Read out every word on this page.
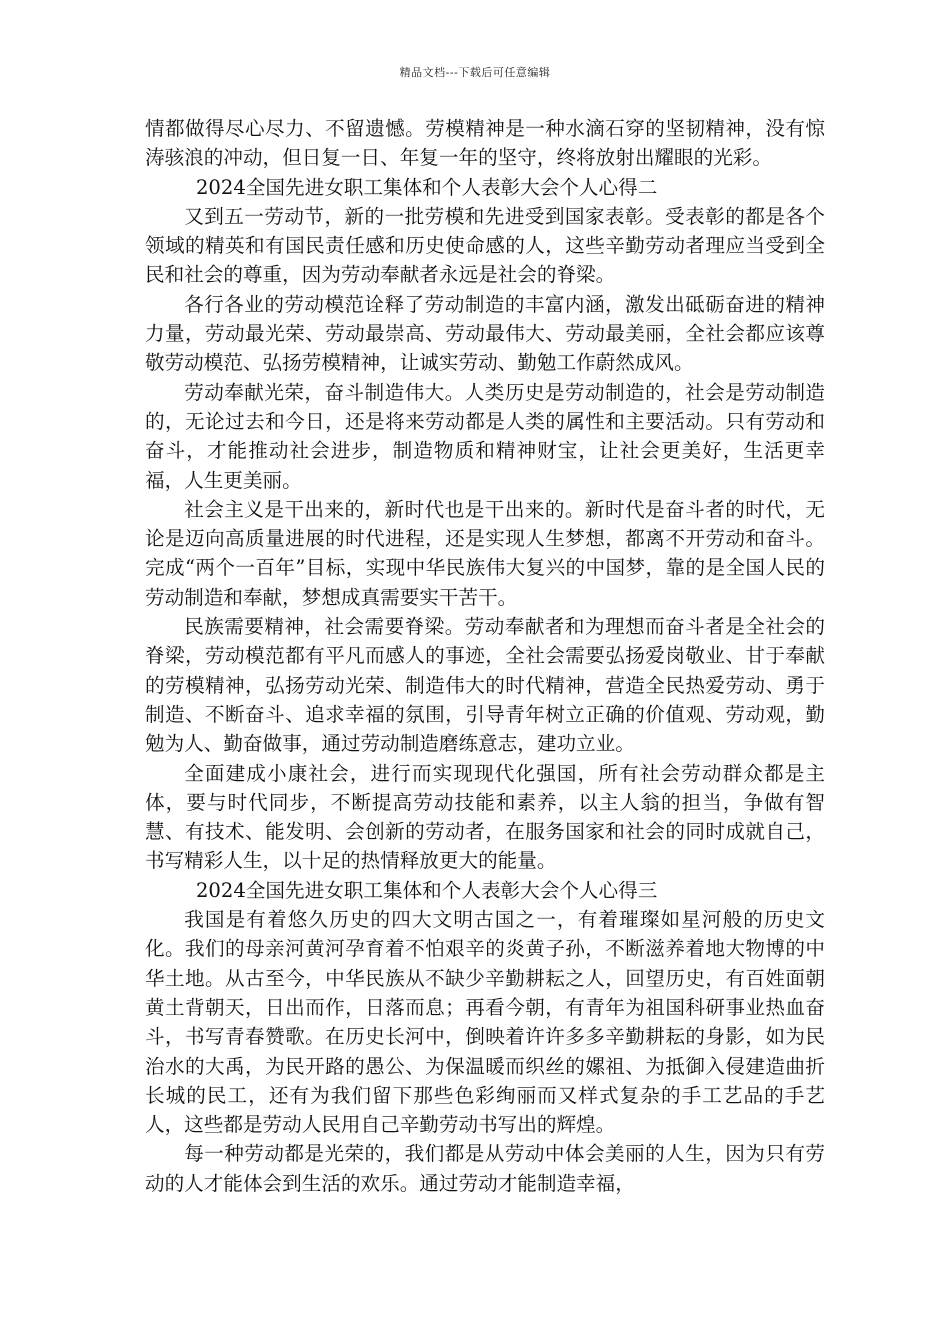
精品文档---下载后可任意编辑

情都做得尽心尽力、不留遗憾。劳模精神是一种水滴石穿的坚韧精神，没有惊涛骇浪的冲动，但日复一日、年复一年的坚守，终将放射出耀眼的光彩。

2024全国先进女职工集体和个人表彰大会个人心得二

又到五一劳动节，新的一批劳模和先进受到国家表彰。受表彰的都是各个领域的精英和有国民责任感和历史使命感的人，这些辛勤劳动者理应当受到全民和社会的尊重，因为劳动奉献者永远是社会的脊梁。

各行各业的劳动模范诠释了劳动制造的丰富内涵，激发出砥砺奋进的精神力量，劳动最光荣、劳动最崇高、劳动最伟大、劳动最美丽，全社会都应该尊敬劳动模范、弘扬劳模精神，让诚实劳动、勤勉工作蔚然成风。

劳动奉献光荣，奋斗制造伟大。人类历史是劳动制造的，社会是劳动制造的，无论过去和今日，还是将来劳动都是人类的属性和主要活动。只有劳动和奋斗，才能推动社会进步，制造物质和精神财宝，让社会更美好，生活更幸福，人生更美丽。

社会主义是干出来的，新时代也是干出来的。新时代是奋斗者的时代，无论是迈向高质量进展的时代进程，还是实现人生梦想，都离不开劳动和奋斗。完成“两个一百年”目标，实现中华民族伟大复兴的中国梦，靠的是全国人民的劳动制造和奉献，梦想成真需要实干苦干。

民族需要精神，社会需要脊梁。劳动奉献者和为理想而奋斗者是全社会的脊梁，劳动模范都有平凡而感人的事迹，全社会需要弘扬爱岗敬业、甘于奉献的劳模精神，弘扬劳动光荣、制造伟大的时代精神，营造全民热爱劳动、勇于制造、不断奋斗、追求幸福的氛围，引导青年树立正确的价值观、劳动观，勤勉为人、勤奋做事，通过劳动制造磨练意志，建功立业。

全面建成小康社会，进行而实现现代化强国，所有社会劳动群众都是主体，要与时代同步，不断提高劳动技能和素养，以主人翁的担当，争做有智慧、有技术、能发明、会创新的劳动者，在服务国家和社会的同时成就自己，书写精彩人生，以十足的热情释放更大的能量。

2024全国先进女职工集体和个人表彰大会个人心得三

我国是有着悠久历史的四大文明古国之一，有着璀璨如星河般的历史文化。我们的母亲河黄河孕育着不怕艰辛的炎黄子孙，不断滋养着地大物博的中华土地。从古至今，中华民族从不缺少辛勤耕耘之人，回望历史，有百姓面朝黄土背朝天，日出而作，日落而息；再看今朝，有青年为祖国科研事业热血奋斗，书写青春赞歌。在历史长河中，倒映着许许多多辛勤耕耘的身影，如为民治水的大禹，为民开路的愚公、为保温暖而织丝的嫘祖、为抵御入侵建造曲折长城的民工，还有为我们留下那些色彩绚丽而又样式复杂的手工艺品的手艺人，这些都是劳动人民用自己辛勤劳动书写出的辉煌。

每一种劳动都是光荣的，我们都是从劳动中体会美丽的人生，因为只有劳动的人才能体会到生活的欢乐。通过劳动才能制造幸福，
